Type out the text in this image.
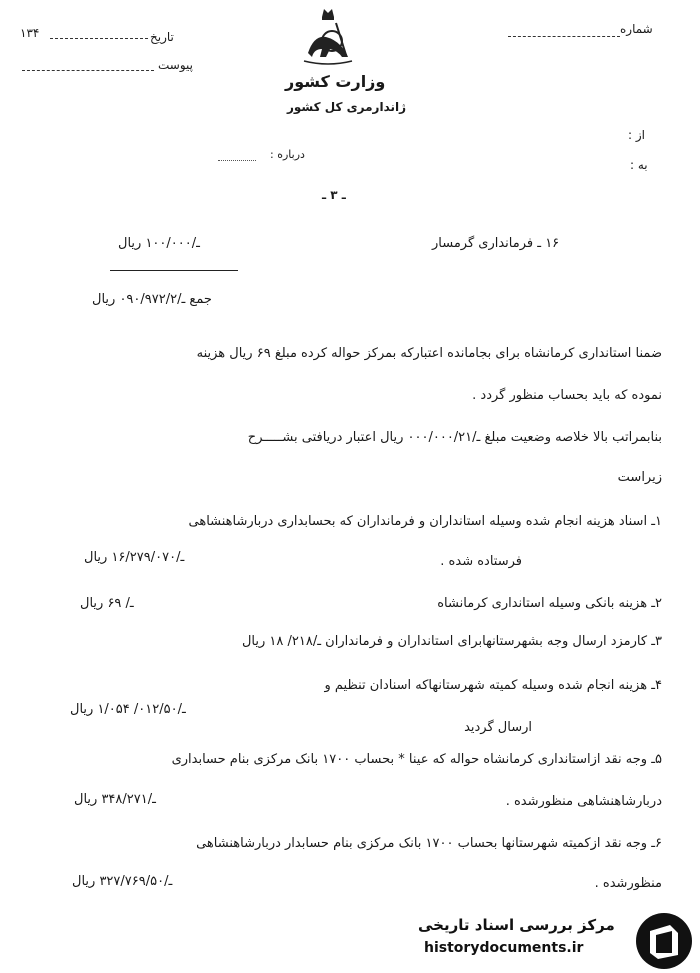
شماره
تاریخ
۱۳۴
پیوست
وزارت کشور
ژاندارمری کل کشور
از :
به :
درباره :
ـ ۳ ـ
۱۶ ـ فرمانداری گرمسار
ـ/۱۰۰/۰۰۰ ریال
جمع ـ/۰۹۰/۹۷۲/۲ ریال
ضمنا استانداری کرمانشاه برای بجامانده اعتبارکه بمرکز حواله کرده مبلغ ۶۹ ریال هزینه
نموده که باید بحساب منظور گردد .
بنابمراتب بالا خلاصه وضعیت مبلغ ـ/۰۰۰/۰۰۰/۲۱ ریال اعتبار دریافتی بشـــــرح
زیراست
۱ـ اسناد هزینه انجام شده وسیله استانداران و فرمانداران که بحسابداری دربارشاهنشاهی
فرستاده شده .
ـ/۱۶/۲۷۹/۰۷۰ ریال
۲ـ هزینه بانکی وسیله استانداری کرمانشاه
ـ/ ۶۹ ریال
۳ـ کارمزد ارسال وجه بشهرستانهابرای استانداران و فرمانداران ـ/۲۱۸/ ۱۸ ریال
۴ـ هزینه انجام شده وسیله کمیته شهرستانهاکه اسنادان تنظیم و
ـ/۰۱۲/۵۰/ ۱/۰۵۴ ریال
ارسال گردید
۵ـ وجه نقد ازاستانداری کرمانشاه حواله که عینا * بحساب ۱۷۰۰ بانک مرکزی بنام حسابداری
دربارشاهنشاهی منظورشده .
ـ/۳۴۸/۲۷۱ ریال
۶ـ وجه نقد ازکمیته شهرستانها بحساب ۱۷۰۰ بانک مرکزی بنام حسابدار دربارشاهنشاهی
منظورشده .
ـ/۳۲۷/۷۶۹/۵۰ ریال
مرکز بررسی اسناد تاریخی
historydocuments.ir
